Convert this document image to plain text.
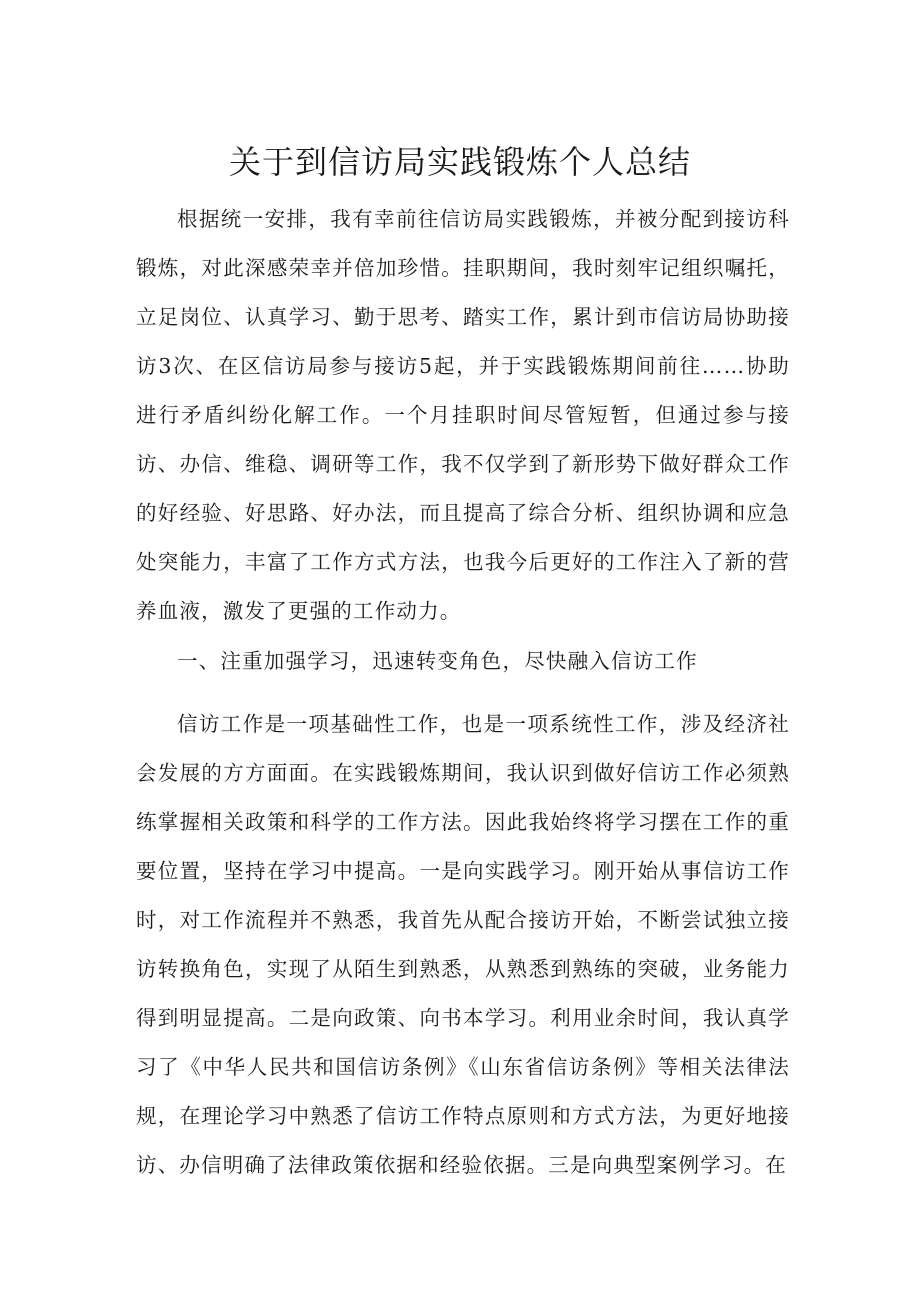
关于到信访局实践锻炼个人总结

根据统一安排，我有幸前往信访局实践锻炼，并被分配到接访科锻炼，对此深感荣幸并倍加珍惜。挂职期间，我时刻牢记组织嘱托，立足岗位、认真学习、勤于思考、踏实工作，累计到市信访局协助接访3次、在区信访局参与接访5起，并于实践锻炼期间前往……协助进行矛盾纠纷化解工作。一个月挂职时间尽管短暂，但通过参与接访、办信、维稳、调研等工作，我不仅学到了新形势下做好群众工作的好经验、好思路、好办法，而且提高了综合分析、组织协调和应急处突能力，丰富了工作方式方法，也我今后更好的工作注入了新的营养血液，激发了更强的工作动力。

一、注重加强学习，迅速转变角色，尽快融入信访工作

信访工作是一项基础性工作，也是一项系统性工作，涉及经济社会发展的方方面面。在实践锻炼期间，我认识到做好信访工作必须熟练掌握相关政策和科学的工作方法。因此我始终将学习摆在工作的重要位置，坚持在学习中提高。一是向实践学习。刚开始从事信访工作时，对工作流程并不熟悉，我首先从配合接访开始，不断尝试独立接访转换角色，实现了从陌生到熟悉，从熟悉到熟练的突破，业务能力得到明显提高。二是向政策、向书本学习。利用业余时间，我认真学习了《中华人民共和国信访条例》《山东省信访条例》等相关法律法规，在理论学习中熟悉了信访工作特点原则和方式方法，为更好地接访、办信明确了法律政策依据和经验依据。三是向典型案例学习。在
